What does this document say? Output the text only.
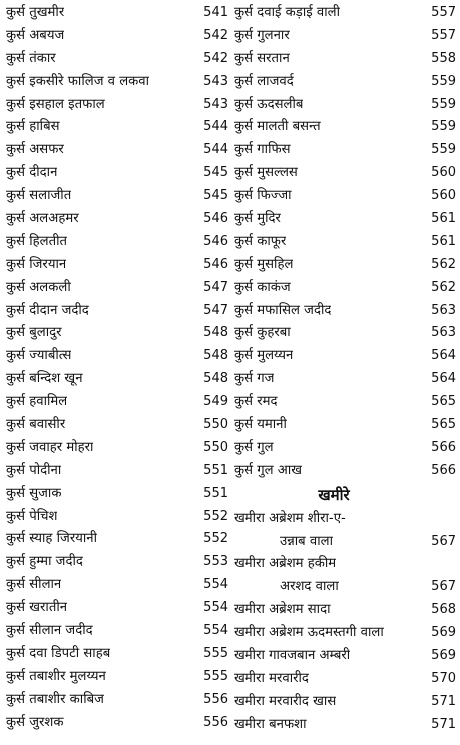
कुर्स तुखमीर	541
कुर्स अबयज	542
कुर्स तंकार	542
कुर्स इकसीरे फालिज व लकवा	543
कुर्स इसहाल इतफाल	543
कुर्स हाबिस	544
कुर्स असफर	544
कुर्स दीदान	545
कुर्स सलाजीत	545
कुर्स अलअहमर	546
कुर्स हिलतीत	546
कुर्स जिरयान	546
कुर्स अलकली	547
कुर्स दीदान जदीद	547
कुर्स बुलादुर	548
कुर्स ज्याबीत्स	548
कुर्स बन्दिश खून	548
कुर्स हवामिल	549
कुर्स बवासीर	550
कुर्स जवाहर मोहरा	550
कुर्स पोदीना	551
कुर्स सुजाक	551
कुर्स पेचिश	552
कुर्स स्याह जिरयानी	552
कुर्स हुम्मा जदीद	553
कुर्स सीलान	554
कुर्स खरातीन	554
कुर्स सीलान जदीद	554
कुर्स दवा डिपटी साहब	555
कुर्स तबाशीर मुलय्यन	555
कुर्स तबाशीर काबिज	556
कुर्स जुरशक	556
कुर्स दवाई कड़ाई वाली	557
कुर्स गुलनार	557
कुर्स सरतान	558
कुर्स लाजवर्द	559
कुर्स ऊदसलीब	559
कुर्स मालती बसन्त	559
कुर्स गाफिस	559
कुर्स मुसल्लस	560
कुर्स फिज्जा	560
कुर्स मुदिर	561
कुर्स काफूर	561
कुर्स मुसहिल	562
कुर्स काकंज	562
कुर्स मफासिल जदीद	563
कुर्स कुहरबा	563
कुर्स मुलय्यन	564
कुर्स गज	564
कुर्स रमद	565
कुर्स यमानी	565
कुर्स गुल	566
कुर्स गुल आख	566
खमीरे
खमीरा अब्रेशम शीरा-ए-
उन्नाब वाला	567
खमीरा अब्रेशम हकीम
अरशद वाला	567
खमीरा अब्रेशम सादा	568
खमीरा अब्रेशम ऊदमस्तगी वाला	569
खमीरा गावजबान अम्बरी	569
खमीरा मरवारीद	570
खमीरा मरवारीद खास	571
खमीरा बनफशा	571
